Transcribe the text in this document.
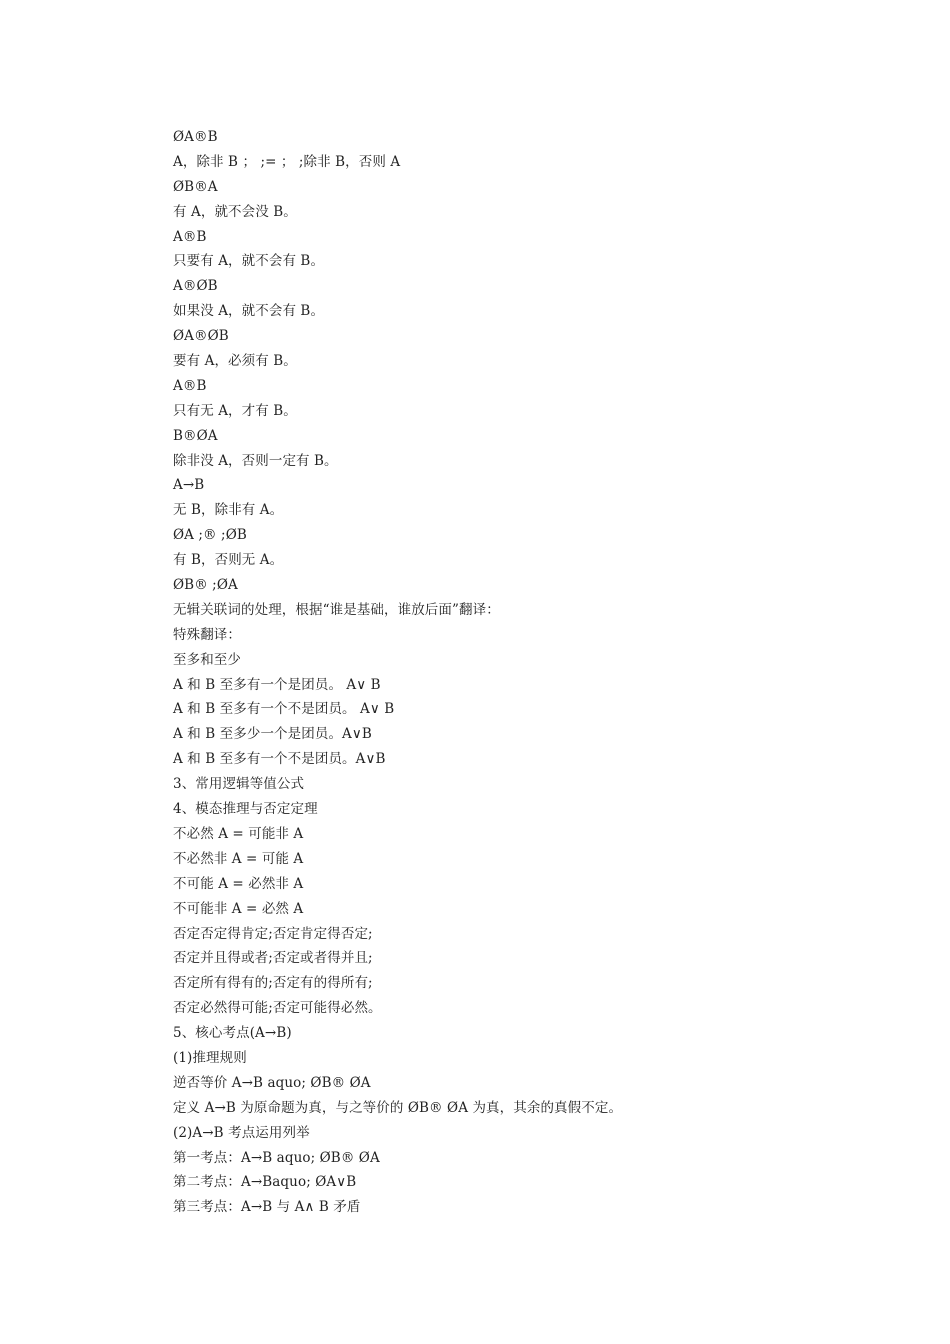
ØA®B
A，除非 B ； ;= ； ;除非 B，否则 A
ØB®A
有 A，就不会没 B。
A®B
只要有 A，就不会有 B。
A®ØB
如果没 A，就不会有 B。
ØA®ØB
要有 A，必须有 B。
A®B
只有无 A，才有 B。
B®ØA
除非没 A，否则一定有 B。
A→B
无 B，除非有 A。
ØA ;® ;ØB
有 B，否则无 A。
ØB® ;ØA
无辑关联词的处理，根据“谁是基础，谁放后面”翻译：
特殊翻译：
至多和至少
A 和 B 至多有一个是团员。 A∨ B
A 和 B 至多有一个不是团员。 A∨ B
A 和 B 至多少一个是团员。A∨B
A 和 B 至多有一个不是团员。A∨B
3、常用逻辑等值公式
4、模态推理与否定定理
不必然 A = 可能非 A
不必然非 A = 可能 A
不可能 A = 必然非 A
不可能非 A = 必然 A
否定否定得肯定;否定肯定得否定;
否定并且得或者;否定或者得并且;
否定所有得有的;否定有的得所有;
否定必然得可能;否定可能得必然。
5、核心考点(A→B)
(1)推理规则
逆否等价 A→B aquo; ØB® ØA
定义 A→B 为原命题为真，与之等价的 ØB® ØA 为真，其余的真假不定。
(2)A→B 考点运用列举
第一考点：A→B aquo; ØB® ØA
第二考点：A→Baquo; ØA∨B
第三考点：A→B 与 A∧ B 矛盾
